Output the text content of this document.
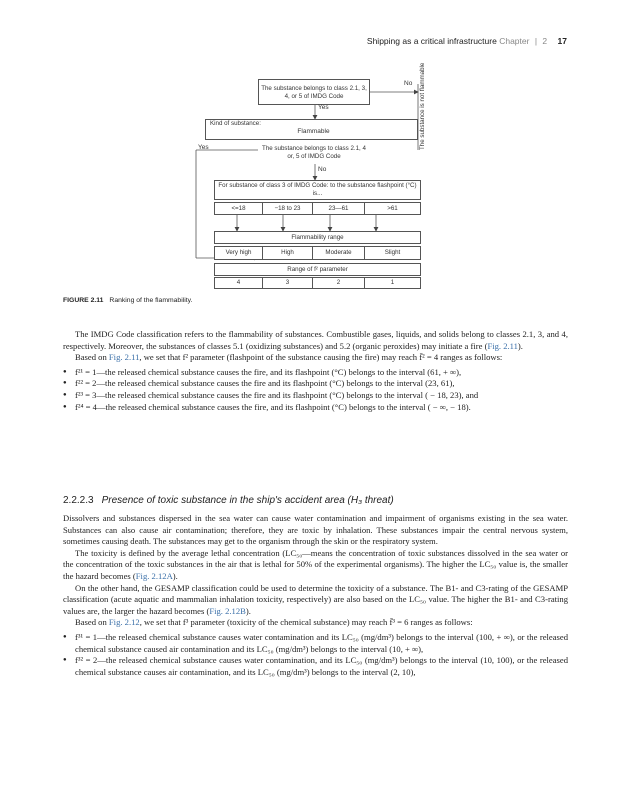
Shipping as a critical infrastructure Chapter | 2 17
The substance belongs to class 2.1, 3, 4, or 5 of IMDG Code
No The substance is not flammable
Yes
Kind of substance:
Flammable
Yes	The substance belongs to class 2.1, 4 or, 5 of IMDG Code
No
For substance of class 3 of IMDG Code: to the substance flashpoint (°C) is...
<=18	−18 to 23	23—61	>61
Flammability range
Very high	High	Moderate	Slight
Range of f² parameter
4	3	2	1
FIGURE 2.11 Ranking of the flammability.

The IMDG Code classification refers to the flammability of substances. Combustible gases, liquids, and solids belong to classes 2.1, 3, and 4, respectively. Moreover, the substances of classes 5.1 (oxidizing substances) and 5.2 (organic peroxides) may initiate a fire (Fig. 2.11).

Based on Fig. 2.11, we set that f² parameter (flashpoint of the substance causing the fire) may reach f̄² = 4 ranges as follows:

● f²¹ = 1—the released chemical substance causes the fire, and its flashpoint (°C) belongs to the interval (61, + ∞),
● f²² = 2—the released chemical substance causes the fire and its flashpoint (°C) belongs to the interval (23, 61),
● f²³ = 3—the released chemical substance causes the fire and its flashpoint (°C) belongs to the interval ( − 18, 23), and
● f²⁴ = 4—the released chemical substance causes the fire, and its flashpoint (°C) belongs to the interval ( − ∞, − 18).
2.2.2.3 Presence of toxic substance in the ship's accident area (H₃ threat)

Dissolvers and substances dispersed in the sea water can cause water contamination and impairment of organisms existing in the sea water. Substances can also cause air contamination; therefore, they are toxic by inhalation. These substances impair the central nervous system, sometimes causing death. The substances may get to the organism through the skin or the respiratory system.

The toxicity is defined by the average lethal concentration (LC₅₀—means the concentration of toxic substances dissolved in the sea water or the concentration of the toxic substances in the air that is lethal for 50% of the experimental organisms). The higher the LC₅₀ value is, the smaller the hazard becomes (Fig. 2.12A).

On the other hand, the GESAMP classification could be used to determine the toxicity of a substance. The B1- and C3-rating of the GESAMP classification (acute aquatic and mammalian inhalation toxicity, respectively) are also based on the LC₅₀ value. The higher the B1- and C3-rating values are, the larger the hazard becomes (Fig. 2.12B).

Based on Fig. 2.12, we set that f³ parameter (toxicity of the chemical substance) may reach f̄³ = 6 ranges as follows:

● f³¹ = 1—the released chemical substance causes water contamination and its LC₅₀ (mg/dm³) belongs to the interval (100, + ∞), or the released chemical substance caused air contamination and its LC₅₀ (mg/dm³) belongs to the interval (10, + ∞),
● f³² = 2—the released chemical substance causes water contamination, and its LC₅₀ (mg/dm³) belongs to the interval (10, 100), or the released chemical substance causes air contamination, and its LC₅₀ (mg/dm³) belongs to the interval (2, 10),
